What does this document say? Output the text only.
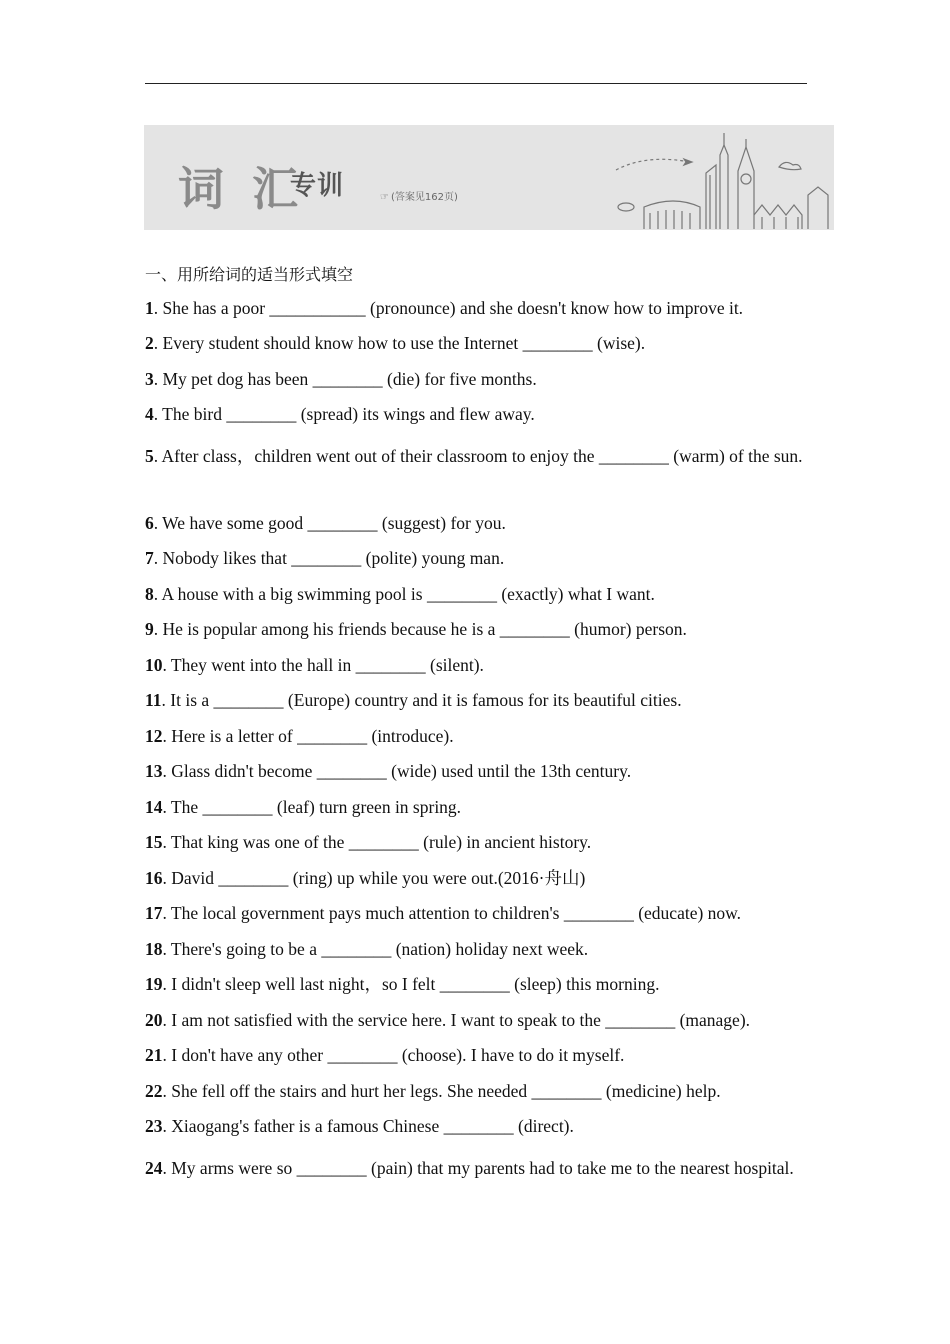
词 汇
专训	☞ (答案见162页)
一、用所给词的适当形式填空
1. She has a poor ___________ (pronounce) and she doesn't know how to improve it.
2. Every student should know how to use the Internet ________ (wise).
3. My pet dog has been ________ (die) for five months.
4. The bird ________ (spread) its wings and flew away.
5. After class，children went out of their classroom to enjoy the ________ (warm) of the sun.
6. We have some good ________ (suggest) for you.
7. Nobody likes that ________ (polite) young man.
8. A house with a big swimming pool is ________ (exactly) what I want.
9. He is popular among his friends because he is a ________ (humor) person.
10. They went into the hall in ________ (silent).
11. It is a ________ (Europe) country and it is famous for its beautiful cities.
12. Here is a letter of ________ (introduce).
13. Glass didn't become ________ (wide) used until the 13th century.
14. The ________ (leaf) turn green in spring.
15. That king was one of the ________ (rule) in ancient history.
16. David ________ (ring) up while you were out.(2016·舟山)
17. The local government pays much attention to children's ________ (educate) now.
18. There's going to be a ________ (nation) holiday next week.
19. I didn't sleep well last night，so I felt ________ (sleep) this morning.
20. I am not satisfied with the service here. I want to speak to the ________ (manage).
21. I don't have any other ________ (choose). I have to do it myself.
22. She fell off the stairs and hurt her legs. She needed ________ (medicine) help.
23. Xiaogang's father is a famous Chinese ________ (direct).
24. My arms were so ________ (pain) that my parents had to take me to the nearest hospital.
